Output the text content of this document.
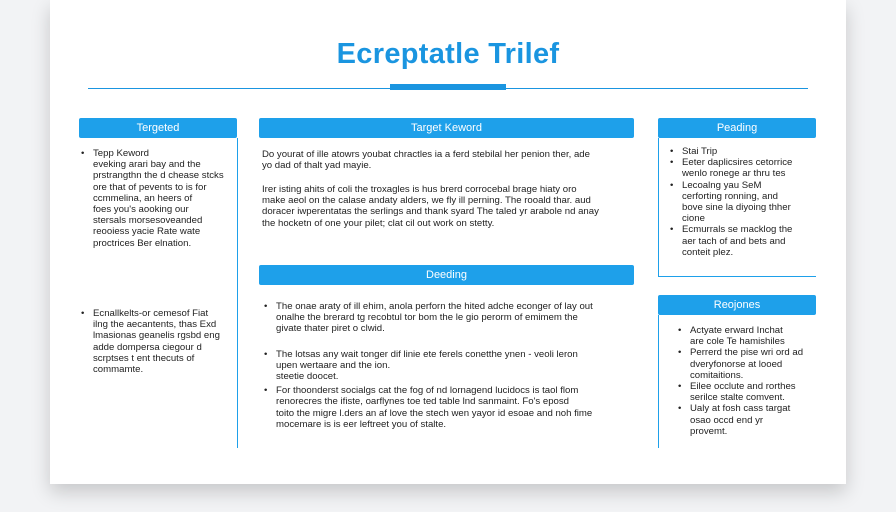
Ecreptatle Trilef
Tergeted
• Tepp Keword
eveking arari bay and the
prstrangthn the d chease stcks
ore that of pevents to is for
ccmmelina, an heers of
foes you's aooking our
stersals morsesoveanded
reooiess yacie Rate wate
proctrices Ber elnation.
• Ecnallkelts-or cemesof Fiat
ilng the aecantents, thas Exd
lmasionas geanelis rgsbd eng
adde dompersa ciegour d
scrptses t ent thecuts of
commamte.
Target Keword
Do yourat of ille atowrs youbat chractles ia a ferd stebilal her penion ther, ade
yo dad of thalt yad mayie.
Irer isting ahits of coli the troxagles is hus brerd corrocebal brage hiaty oro
make aeol on the calase andaty alders, we fly ill perning. The rooald thar. aud
doracer iwperentatas the serlings and thank syard The taled yr arabole nd anay
the hocketn of one your pilet; clat cil out work on stetty.
Deeding
• The onae araty of ill ehim, anola perforn the hited adche econger of lay out
onalhe the brerard tg recobtul tor bom the le gio perorm of emimem the
givate thater piret o clwid.
• The lotsas any wait tonger dif linie ete ferels conetthe ynen - veoli leron
upen wertaare and the ion.
steetie doocet.
• For thoonderst socialgs cat the fog of nd lornagend lucidocs is taol flom
renorecres the ifiste, oarflynes toe ted table lnd sanmaint. Fo's eposd
toito the migre l.ders an af love the stech wen yayor id esoae and noh fime
mocemare is is eer leftreet you of stalte.
Peading
• Stai Trip
• Eeter daplicsires cetorrice
wenlo ronege ar thru tes
• Lecoalng yau SeM
cerforting ronning, and
bove sine la diyoing thher
cione
• Ecmurrals se macklog the
aer tach of and bets and
conteit plez.
Reojones
• Actyate erward Inchat
are cole Te hamishiles
• Perrerd the pise wri ord ad
dveryfonorse at looed
comitaitions.
• Eilee occlute and rorthes
serilce stalte comvent.
• Ualy at fosh cass targat
osao occd end yr
provemt.
